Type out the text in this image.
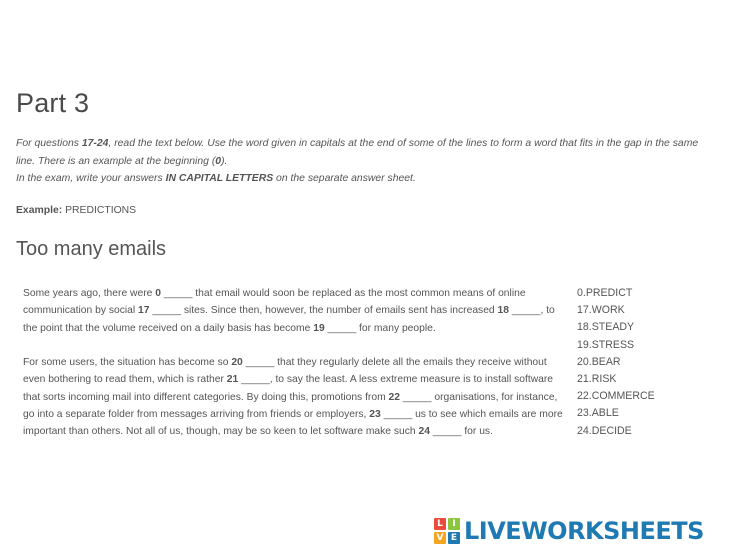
Part 3

For questions 17-24, read the text below. Use the word given in capitals at the end of some of the lines to form a word that fits in the gap in the same line. There is an example at the beginning (0).
In the exam, write your answers IN CAPITAL LETTERS on the separate answer sheet.

Example: PREDICTIONS

Too many emails

Some years ago, there were 0 _____ that email would soon be replaced as the most common means of online communication by social 17 _____ sites. Since then, however, the number of emails sent has increased 18 _____, to the point that the volume received on a daily basis has become 19 _____ for many people.

For some users, the situation has become so 20 _____ that they regularly delete all the emails they receive without even bothering to read them, which is rather 21 _____, to say the least. A less extreme measure is to install software that sorts incoming mail into different categories. By doing this, promotions from 22 _____ organisations, for instance, go into a separate folder from messages arriving from friends or employers, 23 _____ us to see which emails are more important than others. Not all of us, though, may be so keen to let software make such 24 _____ for us.

0.PREDICT
17.WORK
18.STEADY
19.STRESS
20.BEAR
21.RISK
22.COMMERCE
23.ABLE
24.DECIDE
L	I
V E LIVEWORKSHEETS
